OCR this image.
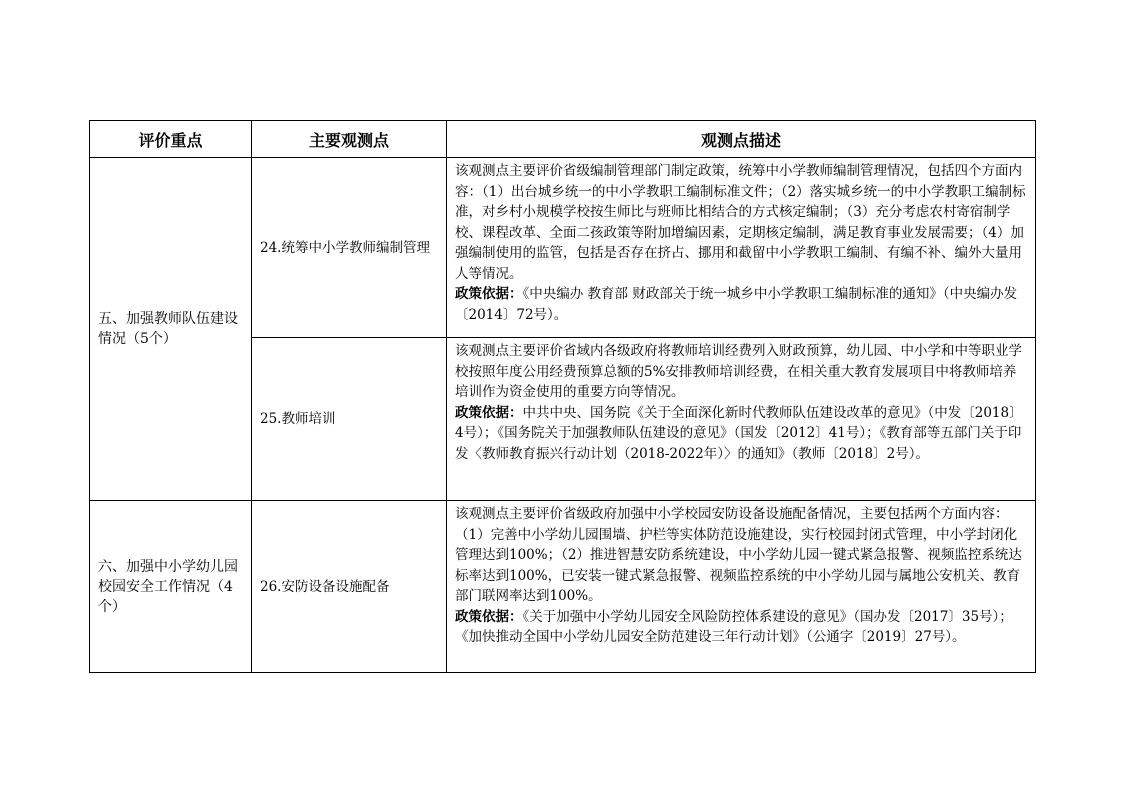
评价重点	主要观测点	观测点描述
五、加强教师队伍建设情况（5个）	24.统筹中小学教师编制管理	该观测点主要评价省级编制管理部门制定政策，统筹中小学教师编制管理情况，包括四个方面内容：（1）出台城乡统一的中小学教职工编制标准文件；（2）落实城乡统一的中小学教职工编制标准，对乡村小规模学校按生师比与班师比相结合的方式核定编制；（3）充分考虑农村寄宿制学校、课程改革、全面二孩政策等附加增编因素，定期核定编制，满足教育事业发展需要；（4）加强编制使用的监管，包括是否存在挤占、挪用和截留中小学教职工编制、有编不补、编外大量用人等情况。

政策依据：《中央编办 教育部 财政部关于统一城乡中小学教职工编制标准的通知》（中央编办发〔2014〕72号）。

	25.教师培训	该观测点主要评价省域内各级政府将教师培训经费列入财政预算，幼儿园、中小学和中等职业学校按照年度公用经费预算总额的5%安排教师培训经费，在相关重大教育发展项目中将教师培养培训作为资金使用的重要方向等情况。

政策依据：中共中央、国务院《关于全面深化新时代教师队伍建设改革的意见》（中发〔2018〕4号）；《国务院关于加强教师队伍建设的意见》（国发〔2012〕41号）；《教育部等五部门关于印发〈教师教育振兴行动计划（2018-2022年）〉的通知》（教师〔2018〕2号）。

六、加强中小学幼儿园校园安全工作情况（4个）	26.安防设备设施配备	该观测点主要评价省级政府加强中小学校园安防设备设施配备情况，主要包括两个方面内容：（1）完善中小学幼儿园围墙、护栏等实体防范设施建设，实行校园封闭式管理，中小学封闭化管理达到100%；（2）推进智慧安防系统建设，中小学幼儿园一键式紧急报警、视频监控系统达标率达到100%，已安装一键式紧急报警、视频监控系统的中小学幼儿园与属地公安机关、教育部门联网率达到100%。

政策依据：《关于加强中小学幼儿园安全风险防控体系建设的意见》（国办发〔2017〕35号）；《加快推动全国中小学幼儿园安全防范建设三年行动计划》（公通字〔2019〕27号）。
